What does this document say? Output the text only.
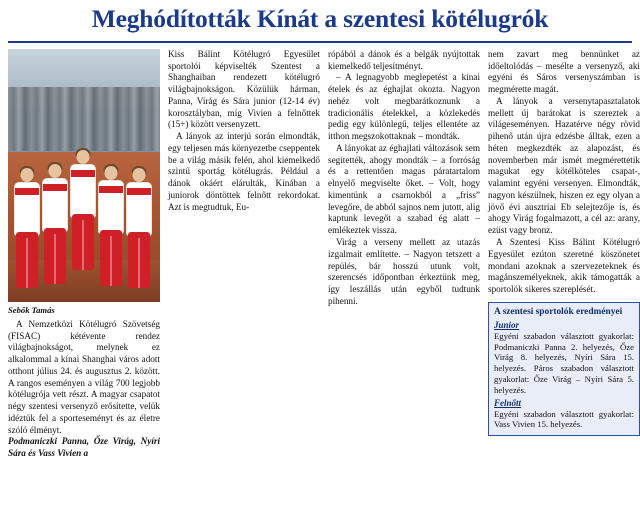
Meghódították Kínát a szentesi kötélugrók
Sebők Tamás

A Nemzetközi Kötélugró Szövetség (FISAC) kétévente rendez világbajnokságot, melynek ez alkalommal a kínai Shanghai város adott otthont július 24. és augusztus 2. között. A rangos eseményen a világ 700 legjobb kötélugrója vett részt. A magyar csapatot négy szentesi versenyző erősítette, velük idéztük fel a sporteseményt és az életre szóló élményt.

Podmaniczki Panna, Őze Virág, Nyíri Sára és Vass Vivien a

Kiss Bálint Kötélugró Egyesület sportolói képviselték Szentest a Shanghaiban rendezett kötélugró világbajnokságon. Közülük hárman, Panna, Virág és Sára junior (12-14 év) korosztályban, míg Vivien a felnőttek (15+) között versenyzett.

A lányok az interjú során elmondták, egy teljesen más környezetbe cseppentek be a világ másik felén, ahol kiemelkedő szintű sportág kötélugrás. Például a dánok okáért elárulták, Kínában a juniorok döntöttek felnőtt rekordokat. Azt is megtudtuk, Eu-

rópából a dánok és a belgák nyújtottak kiemelkedő teljesítményt.

– A legnagyobb meglepetést a kínai ételek és az éghajlat okozta. Nagyon nehéz volt megbarátkoznunk a tradicionális ételekkel, a közlekedés pedig egy különlegű, teljes ellentéte az itthon megszokottaknak – mondták.

A lányokat az éghajlati változások sem segítették, ahogy mondták – a forróság és a rettentően magas páratartalom elnyelő megviselte őket. – Volt, hogy kimentünk a csarnokból a „friss” levegőre, de abból sajnos nem jutott, alig kaptunk levegőt a szabad ég alatt – emlékeztek vissza.

Virág a verseny mellett az utazás izgalmait említette. – Nagyon tetszett a repülés, bár hosszú utunk volt, szerencsés időpontban érkeztünk meg, így leszállás után egyből tudtunk pihenni.

nem zavart meg bennünket az időeltolódás – mesélte a versenyző, aki egyéni és Sáros versenyszámban is megmérette magát.

A lányok a versenytapasztalatok mellett új barátokat is szereztek a világeseményen. Hazatérve négy rövid pihenő után újra edzésbe álltak, ezen a héten megkezdték az alapozást, és novemberben már ismét megmérettetik magukat egy kötélköteles csapat-, valamint egyéni versenyen. Elmondták, nagyon készülnek, hiszen ez egy olyan a jövő évi ausztriai Eb selejtezője is, és ahogy Virág fogalmazott, a cél az: arany, ezüst vagy bronz.

A Szentesi Kiss Bálint Kötélugró Egyesület ezúton szeretné köszönetet mondani azoknak a szervezeteknek és magánszemélyeknek, akik támogatták a sportolók sikeres szereplését.

A szentesi sportolók eredményei
Junior
Egyéni szabadon választott gyakorlat: Podmaniczki Panna 2. helyezés, Őze Virág 8. helyezés, Nyíri Sára 15. helyezés. Páros szabadon választott gyakorlat: Őze Virág – Nyíri Sára 5. helyezés.
Felnőtt
Egyéni szabadon választott gyakorlat: Vass Vivien 15. helyezés.
